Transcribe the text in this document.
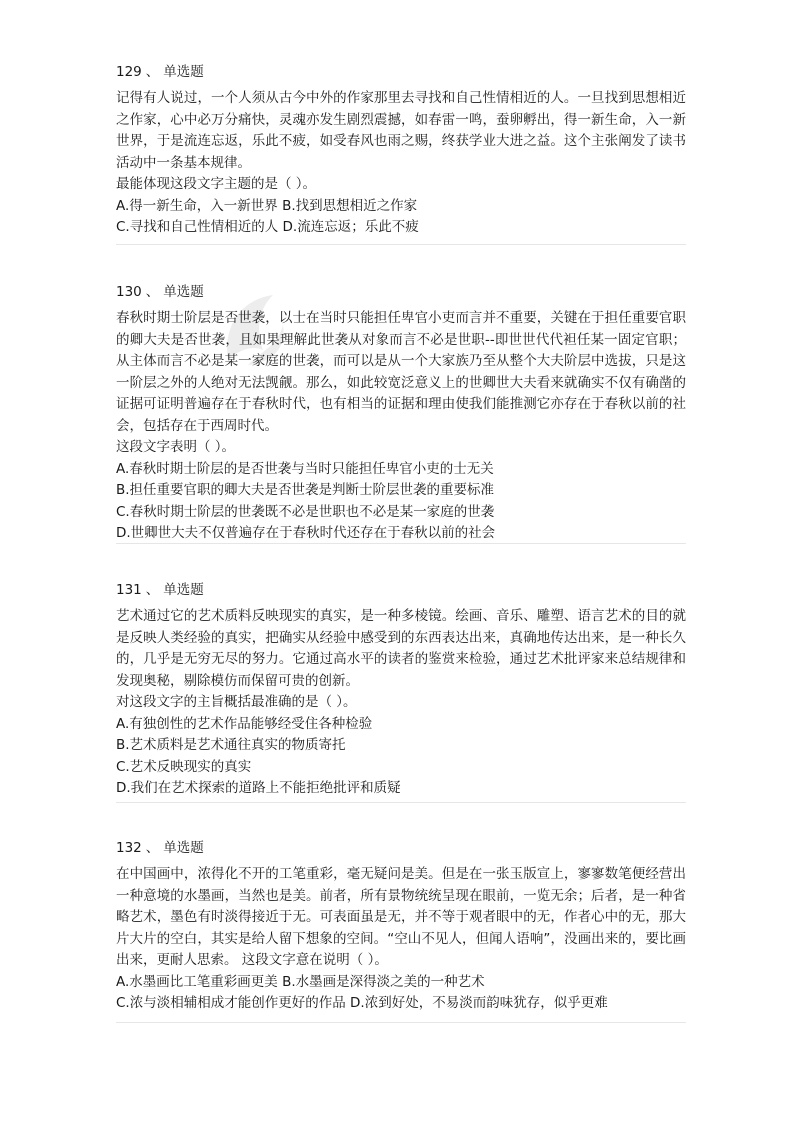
129 、 单选题

记得有人说过，一个人须从古今中外的作家那里去寻找和自己性情相近的人。一旦找到思想相近之作家，心中必万分痛快，灵魂亦发生剧烈震撼，如春雷一鸣，蚕卵孵出，得一新生命，入一新世界，于是流连忘返，乐此不疲，如受春风也雨之赐，终获学业大进之益。这个主张阐发了读书活动中一条基本规律。

最能体现这段文字主题的是（ ）。

A.得一新生命，入一新世界 B.找到思想相近之作家

C.寻找和自己性情相近的人 D.流连忘返；乐此不疲

130 、 单选题

春秋时期士阶层是否世袭，以士在当时只能担任卑官小吏而言并不重要，关键在于担任重要官职的卿大夫是否世袭，且如果理解此世袭从对象而言不必是世职--即世世代代袒任某一固定官职；从主体而言不必是某一家庭的世袭，而可以是从一个大家族乃至从整个大夫阶层中选拔，只是这一阶层之外的人绝对无法觊觎。那么，如此较宽泛意义上的世卿世大夫看来就确实不仅有确凿的证据可证明普遍存在于春秋时代，也有相当的证据和理由使我们能推测它亦存在于春秋以前的社会，包括存在于西周时代。

这段文字表明（ ）。

A.春秋时期士阶层的是否世袭与当时只能担任卑官小吏的士无关

B.担任重要官职的卿大夫是否世袭是判断士阶层世袭的重要标准

C.春秋时期士阶层的世袭既不必是世职也不必是某一家庭的世袭

D.世卿世大夫不仅普遍存在于春秋时代还存在于春秋以前的社会

131 、 单选题

艺术通过它的艺术质料反映现实的真实，是一种多棱镜。绘画、音乐、雕塑、语言艺术的目的就是反映人类经验的真实，把确实从经验中感受到的东西表达出来，真确地传达出来，是一种长久的，几乎是无穷无尽的努力。它通过高水平的读者的鉴赏来检验，通过艺术批评家来总结规律和发现奥秘，剔除模仿而保留可贵的创新。

对这段文字的主旨概括最准确的是（ ）。

A.有独创性的艺术作品能够经受住各种检验

B.艺术质料是艺术通往真实的物质寄托

C.艺术反映现实的真实

D.我们在艺术探索的道路上不能拒绝批评和质疑

132 、 单选题

在中国画中，浓得化不开的工笔重彩，毫无疑问是美。但是在一张玉版宣上，寥寥数笔便经营出一种意境的水墨画，当然也是美。前者，所有景物统统呈现在眼前，一览无余；后者，是一种省略艺术，墨色有时淡得接近于无。可表面虽是无，并不等于观者眼中的无，作者心中的无，那大片大片的空白，其实是给人留下想象的空间。“空山不见人，但闻人语响”，没画出来的，要比画出来，更耐人思索。 这段文字意在说明（ ）。

A.水墨画比工笔重彩画更美 B.水墨画是深得淡之美的一种艺术

C.浓与淡相辅相成才能创作更好的作品 D.浓到好处，不易淡而韵味犹存，似乎更难
